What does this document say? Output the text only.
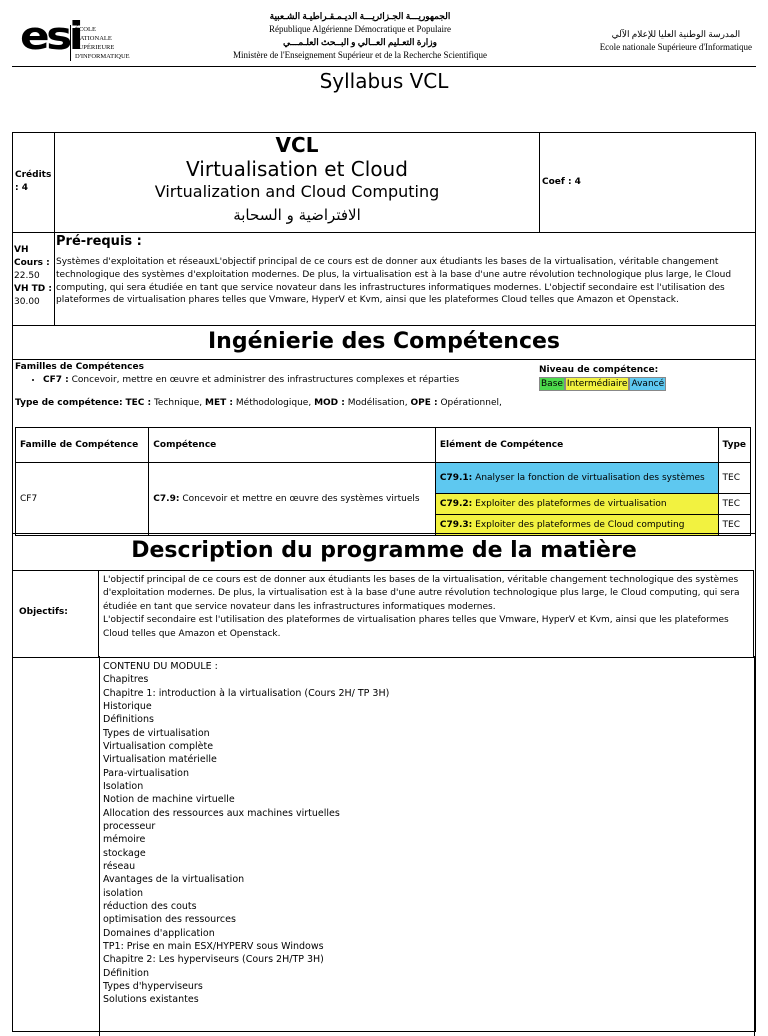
esi
ÉCOLE NATIONALE
SUPÉRIEURE
D'INFORMATIQUE
الجمهوريـــة الجـزائريـــة الديـمـقـراطيـة الشـعبية
République Algérienne Démocratique et Populaire
وزارة التعـليم العــالي و البــحث العلـمـــي
Ministère de l'Enseignement Supérieur et de la Recherche Scientifique
المدرسة الوطنية العليا للإعلام الآلي
Ecole nationale Supérieure d'Informatique
Syllabus VCL
Crédits : 4
VCL
Virtualisation et Cloud
Virtualization and Cloud Computing
الافتراضية و السحابة
Coef : 4
VH Cours :
22.50
VH TD : 30.00
Pré-requis :
Systèmes d'exploitation et réseauxL'objectif principal de ce cours est de donner aux étudiants les bases de la virtualisation, véritable changement technologique des systèmes d'exploitation modernes. De plus, la virtualisation est à la base d'une autre révolution technologique plus large, le Cloud computing, qui sera étudiée en tant que service novateur dans les infrastructures informatiques modernes. L'objectif secondaire est l'utilisation des plateformes de virtualisation phares telles que Vmware, HyperV et Kvm, ainsi que les plateformes Cloud telles que Amazon et Openstack.
Ingénierie des Compétences
Familles de Compétences
• CF7 : Concevoir, mettre en œuvre et administrer des infrastructures complexes et réparties
Niveau de compétence:
Base Intermédiaire Avancé
Type de compétence: TEC : Technique, MET : Méthodologique, MOD : Modélisation, OPE : Opérationnel,
Famille de Compétence	Compétence	Elément de Compétence	Type
CF7	C7.9: Concevoir et mettre en œuvre des systèmes virtuels	C79.1: Analyser la fonction de virtualisation des systèmes	TEC
		C79.2: Exploiter des plateformes de virtualisation	TEC
		C79.3: Exploiter des plateformes de Cloud computing	TEC
Description du programme de la matière
Objectifs:
L'objectif principal de ce cours est de donner aux étudiants les bases de la virtualisation, véritable changement technologique des systèmes d'exploitation modernes. De plus, la virtualisation est à la base d'une autre révolution technologique plus large, le Cloud computing, qui sera étudiée en tant que service novateur dans les infrastructures informatiques modernes.
L'objectif secondaire est l'utilisation des plateformes de virtualisation phares telles que Vmware, HyperV et Kvm, ainsi que les plateformes Cloud telles que Amazon et Openstack.
CONTENU DU MODULE :
Chapitres
Chapitre 1: introduction à la virtualisation (Cours 2H/ TP 3H)
Historique
Définitions
Types de virtualisation
Virtualisation complète
Virtualisation matérielle
Para-virtualisation
Isolation
Notion de machine virtuelle
Allocation des ressources aux machines virtuelles
processeur
mémoire
stockage
réseau
Avantages de la virtualisation
isolation
réduction des couts
optimisation des ressources
Domaines d'application
TP1: Prise en main ESX/HYPERV sous Windows
Chapitre 2: Les hyperviseurs (Cours 2H/TP 3H)
Définition
Types d'hyperviseurs
Solutions existantes
